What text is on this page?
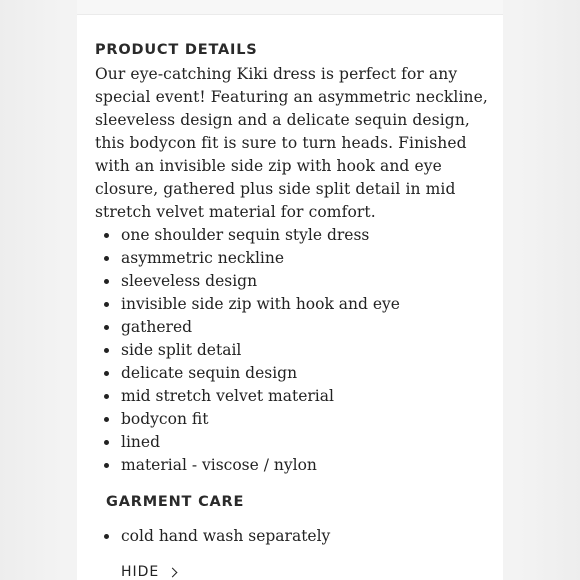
PRODUCT DETAILS

Our eye-catching Kiki dress is perfect for any special event! Featuring an asymmetric neckline, sleeveless design and a delicate sequin design, this bodycon fit is sure to turn heads. Finished with an invisible side zip with hook and eye closure, gathered plus side split detail in mid stretch velvet material for comfort.

one shoulder sequin style dress
asymmetric neckline
sleeveless design
invisible side zip with hook and eye
gathered
side split detail
delicate sequin design
mid stretch velvet material
bodycon fit
lined
material - viscose / nylon
GARMENT CARE
cold hand wash separately
HIDE
